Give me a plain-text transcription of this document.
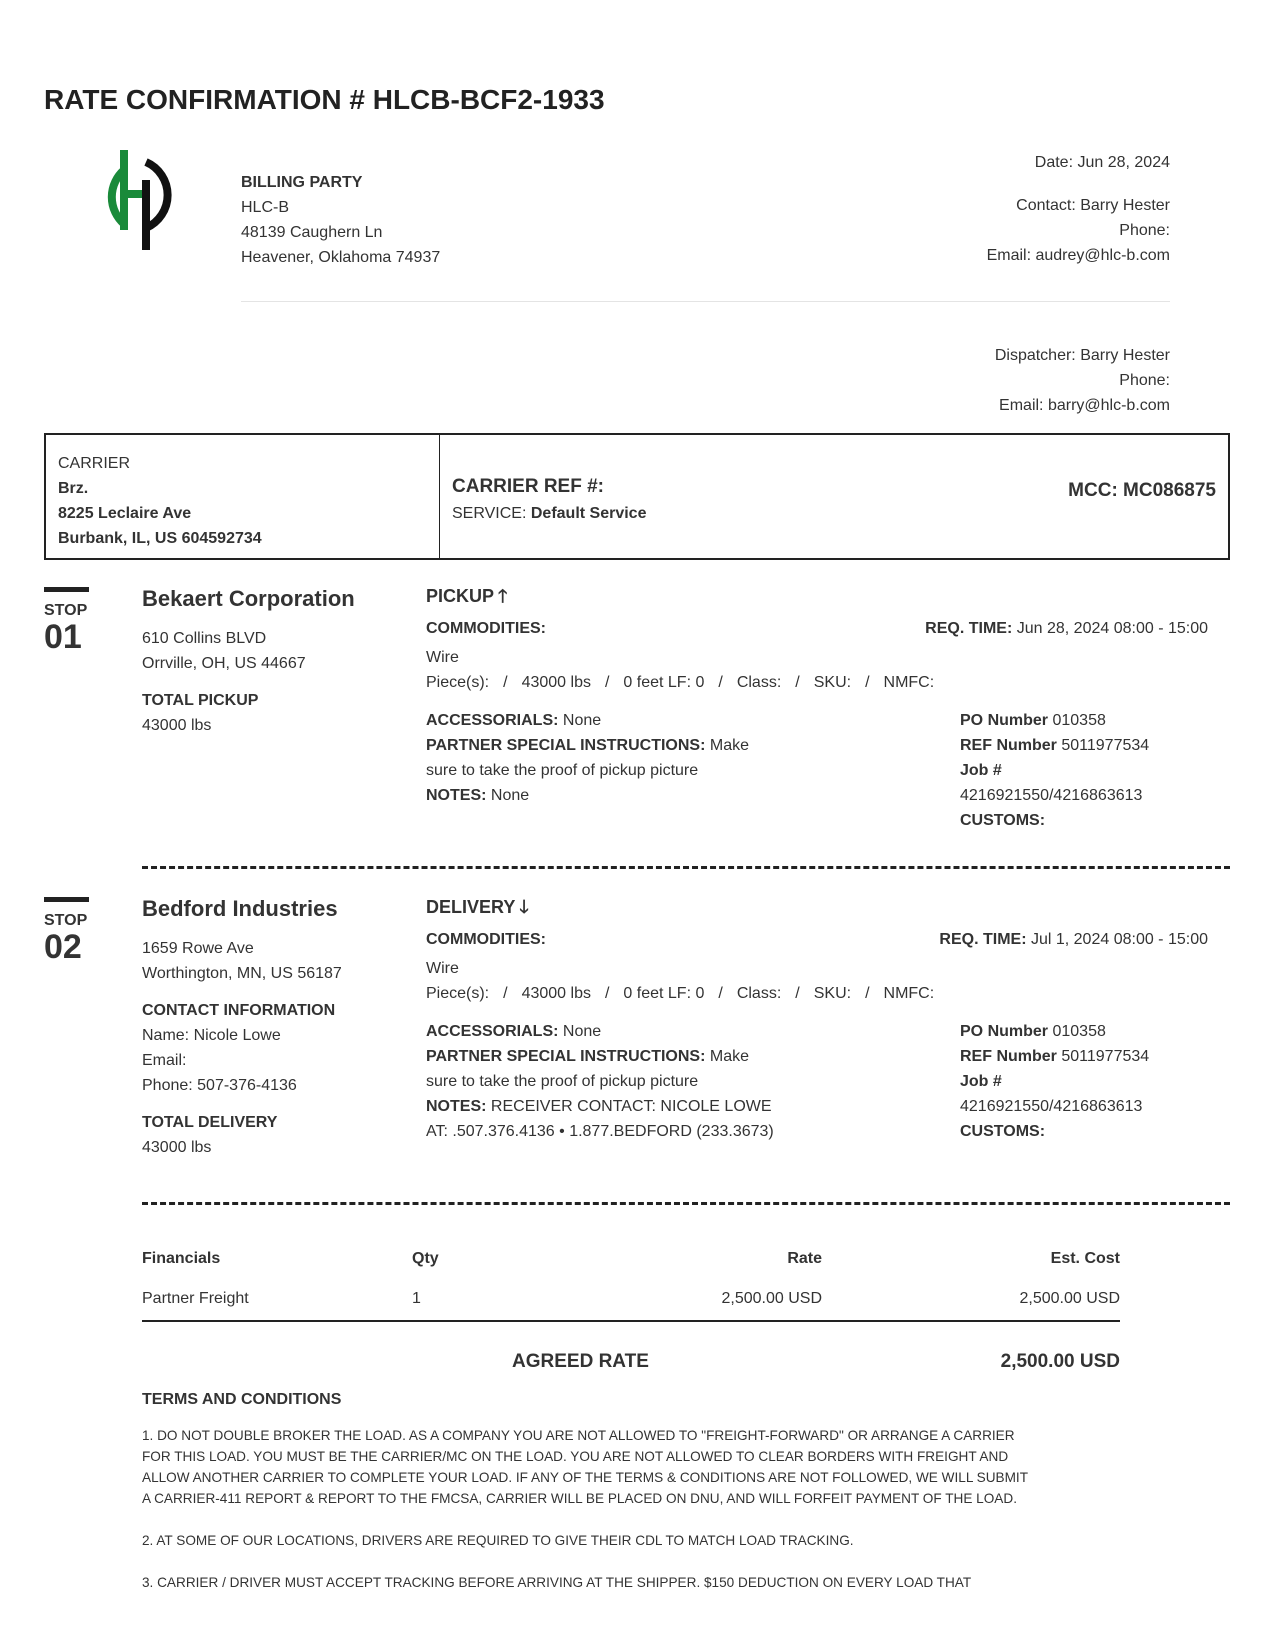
RATE CONFIRMATION # HLCB-BCF2-1933
BILLING PARTY
HLC-B
48139 Caughern Ln
Heavener, Oklahoma 74937
Date: Jun 28, 2024
Contact: Barry Hester
Phone:
Email: audrey@hlc-b.com
Dispatcher: Barry Hester
Phone:
Email: barry@hlc-b.com
CARRIER
Brz.
8225 Leclaire Ave
Burbank, IL, US 604592734
CARRIER REF #:
SERVICE: Default Service
MCC: MC086875
STOP
01
Bekaert Corporation
610 Collins BLVD
Orrville, OH, US 44667
TOTAL PICKUP
43000 lbs
PICKUP 🡑
COMMODITIES:	REQ. TIME: Jun 28, 2024 08:00 - 15:00
Wire
Piece(s): / 43000 lbs / 0 feet LF: 0 / Class: / SKU: / NMFC:
ACCESSORIALS: None
PARTNER SPECIAL INSTRUCTIONS: Make
sure to take the proof of pickup picture
NOTES: None
PO Number 010358
REF Number 5011977534
Job #
4216921550/4216863613
CUSTOMS:
STOP
02
Bedford Industries
1659 Rowe Ave
Worthington, MN, US 56187
CONTACT INFORMATION
Name: Nicole Lowe
Email:
Phone: 507-376-4136
TOTAL DELIVERY
43000 lbs
DELIVERY 🡓
COMMODITIES:	REQ. TIME: Jul 1, 2024 08:00 - 15:00
Wire
Piece(s): / 43000 lbs / 0 feet LF: 0 / Class: / SKU: / NMFC:
ACCESSORIALS: None
PARTNER SPECIAL INSTRUCTIONS: Make
sure to take the proof of pickup picture
NOTES: RECEIVER CONTACT: NICOLE LOWE
AT: .507.376.4136 • 1.877.BEDFORD (233.3673)
PO Number 010358
REF Number 5011977534
Job #
4216921550/4216863613
CUSTOMS:
Financials	Qty	Rate	Est. Cost
Partner Freight	1	2,500.00 USD	2,500.00 USD
AGREED RATE	2,500.00 USD
TERMS AND CONDITIONS
1. DO NOT DOUBLE BROKER THE LOAD. AS A COMPANY YOU ARE NOT ALLOWED TO "FREIGHT-FORWARD" OR ARRANGE A CARRIER
FOR THIS LOAD. YOU MUST BE THE CARRIER/MC ON THE LOAD. YOU ARE NOT ALLOWED TO CLEAR BORDERS WITH FREIGHT AND
ALLOW ANOTHER CARRIER TO COMPLETE YOUR LOAD. IF ANY OF THE TERMS & CONDITIONS ARE NOT FOLLOWED, WE WILL SUBMIT
A CARRIER-411 REPORT & REPORT TO THE FMCSA, CARRIER WILL BE PLACED ON DNU, AND WILL FORFEIT PAYMENT OF THE LOAD.
2. AT SOME OF OUR LOCATIONS, DRIVERS ARE REQUIRED TO GIVE THEIR CDL TO MATCH LOAD TRACKING.
3. CARRIER / DRIVER MUST ACCEPT TRACKING BEFORE ARRIVING AT THE SHIPPER. $150 DEDUCTION ON EVERY LOAD THAT
